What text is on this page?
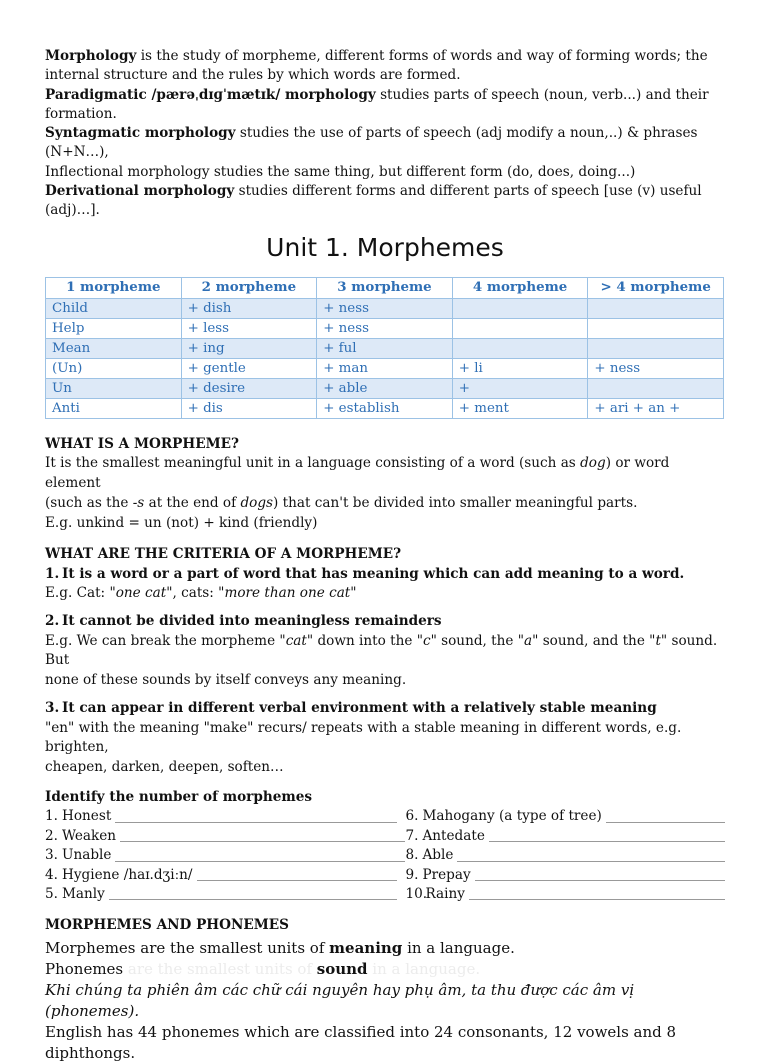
Morphology is the study of morpheme, different forms of words and way of forming words; the internal structure and the rules by which words are formed.

Paradigmatic /pærəˌdɪɡˈmætɪk/ morphology studies parts of speech (noun, verb...) and their formation.

Syntagmatic morphology studies the use of parts of speech (adj modify a noun,..) & phrases (N+N…),

Inflectional morphology studies the same thing, but different form (do, does, doing...)

Derivational morphology studies different forms and different parts of speech [use (v) useful (adj)…].

Unit 1. Morphemes
1 morpheme	2 morpheme	3 morpheme	4 morpheme	> 4 morpheme
Child	+ dish	+ ness		
Help	+ less	+ ness		
Mean	+ ing	+ ful		
(Un)	+ gentle	+ man	+ li	+ ness
Un	+ desire	+ able	+	
Anti	+ dis	+ establish	+ ment	+ ari + an +

WHAT IS A MORPHEME?

It is the smallest meaningful unit in a language consisting of a word (such as dog) or word element

(such as the -s at the end of dogs) that can't be divided into smaller meaningful parts.

E.g. unkind = un (not) + kind (friendly)

WHAT ARE THE CRITERIA OF A MORPHEME?

1. It is a word or a part of word that has meaning which can add meaning to a word.

E.g. Cat: "one cat", cats: "more than one cat"

2. It cannot be divided into meaningless remainders

E.g. We can break the morpheme "cat" down into the "c" sound, the "a" sound, and the "t" sound. But

none of these sounds by itself conveys any meaning.

3. It can appear in different verbal environment with a relatively stable meaning

"en" with the meaning "make" recurs/ repeats with a stable meaning in different words, e.g. brighten,

cheapen, darken, deepen, soften…

Identify the number of morphemes

1. Honest
2. Weaken
3. Unable
4. Hygiene /haɪ.dʒiːn/
5. Manly
6. Mahogany (a type of tree)
7. Antedate
8. Able
9. Prepay
10.
Rainy

MORPHEMES AND PHONEMES

Morphemes are the smallest units of meaning in a language.

Phonemes are the smallest units of sound in a language.

Khi chúng ta phiên âm các chữ cái nguyên hay phụ âm, ta thu được các âm vị (phonemes).

English has 44 phonemes which are classified into 24 consonants, 12 vowels and 8 diphthongs.
